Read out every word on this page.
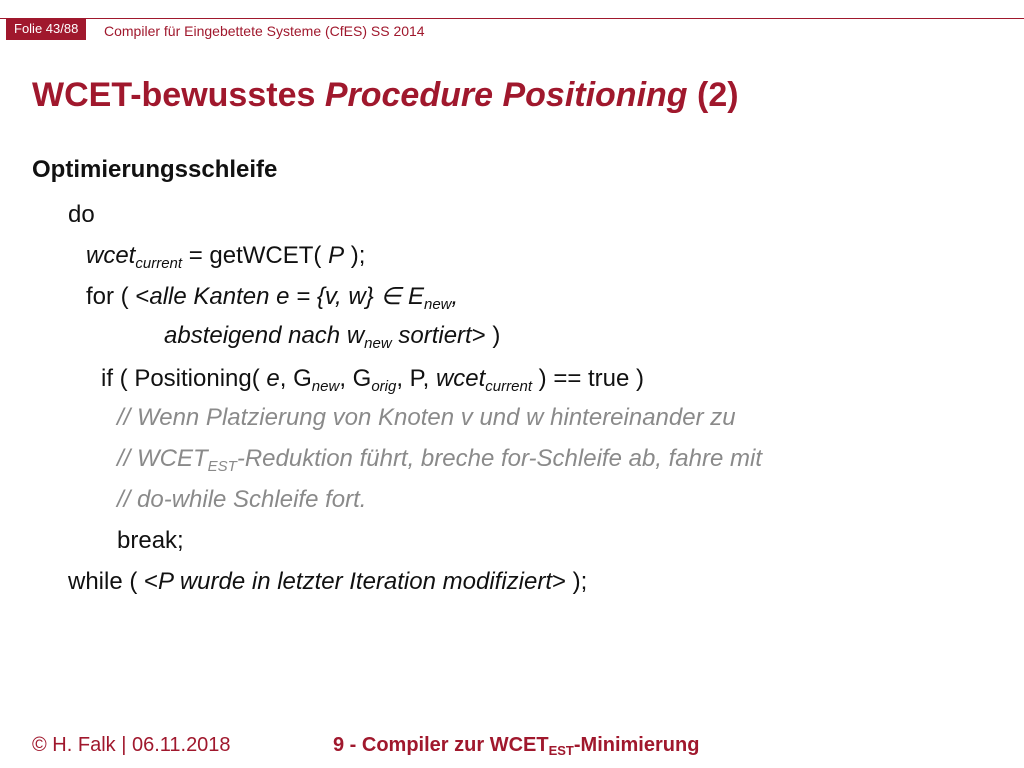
Folie 43/88	Compiler für Eingebettete Systeme (CfES) SS 2014
WCET-bewusstes Procedure Positioning (2)
Optimierungsschleife
do
wcet$_{current}$ = getWCET( P );
for ( <alle Kanten e = {v, w} ∈ $E_{new}$,
absteigend nach $w_{new}$ sortiert> )
if ( Positioning( e, $G_{new}$, $G_{orig}$, P, wcet$_{current}$ ) == true )
// Wenn Platzierung von Knoten v und w hintereinander zu
// $WCET_{EST}$-Reduktion führt, breche for-Schleife ab, fahre mit
// do-while Schleife fort.
break;
while ( <P wurde in letzter Iteration modifiziert> );
© H. Falk | 06.11.2018	9 - Compiler zur $WCET_{EST}$-Minimierung
